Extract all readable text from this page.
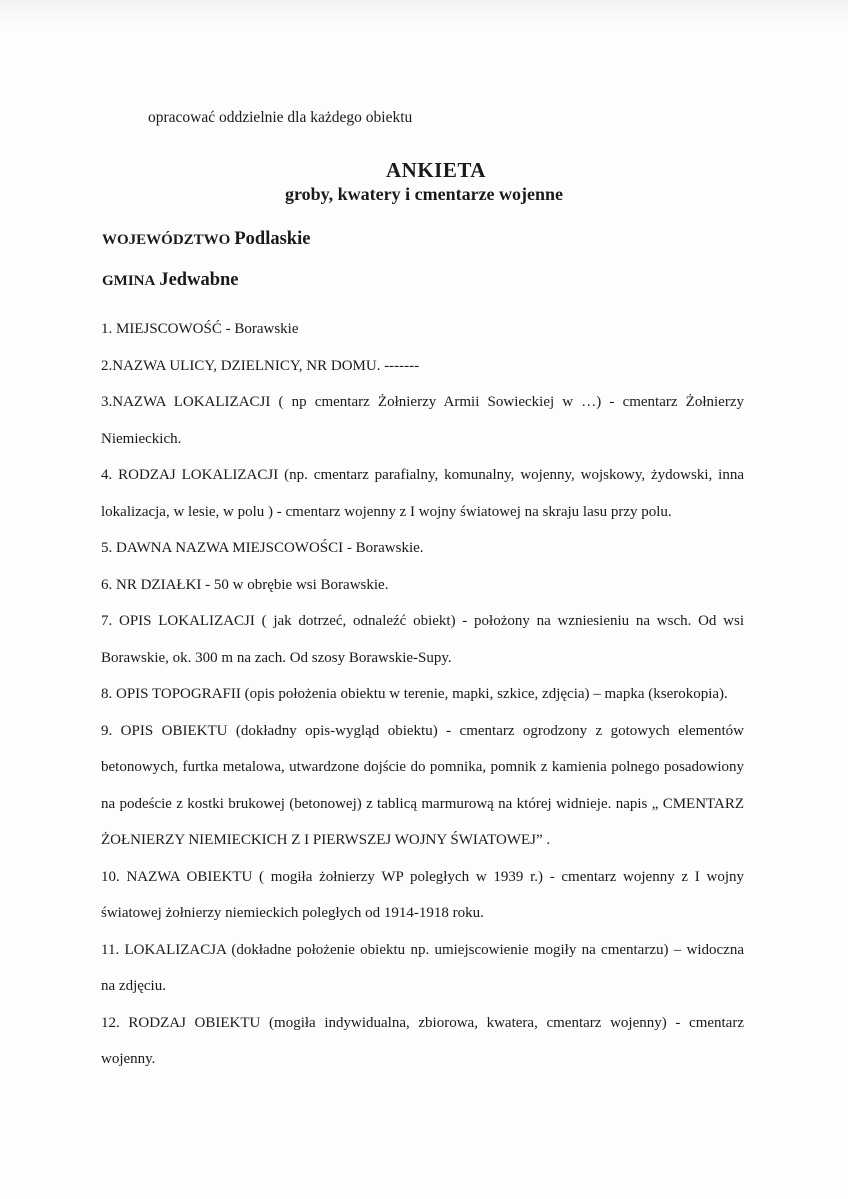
opracować oddzielnie dla każdego obiektu
ANKIETA
groby, kwatery i cmentarze wojenne
WOJEWÓDZTWO Podlaskie
GMINA Jedwabne

1. MIEJSCOWOŚĆ - Borawskie

2.NAZWA ULICY, DZIELNICY, NR DOMU. -------

3.NAZWA LOKALIZACJI ( np cmentarz Żołnierzy Armii Sowieckiej w …) - cmentarz Żołnierzy Niemieckich.

4. RODZAJ LOKALIZACJI (np. cmentarz parafialny, komunalny, wojenny, wojskowy, żydowski, inna lokalizacja, w lesie, w polu ) - cmentarz wojenny z I wojny światowej na skraju lasu przy polu.

5. DAWNA NAZWA MIEJSCOWOŚCI - Borawskie.

6. NR DZIAŁKI - 50 w obrębie wsi Borawskie.

7. OPIS LOKALIZACJI ( jak dotrzeć, odnaleźć obiekt) - położony na wzniesieniu na wsch. Od wsi Borawskie, ok. 300 m na zach. Od szosy Borawskie-Supy.

8. OPIS TOPOGRAFII (opis położenia obiektu w terenie, mapki, szkice, zdjęcia) – mapka (kserokopia).

9. OPIS OBIEKTU (dokładny opis-wygląd obiektu) - cmentarz ogrodzony z gotowych elementów betonowych, furtka metalowa, utwardzone dojście do pomnika, pomnik z kamienia polnego posadowiony na podeście z kostki brukowej (betonowej) z tablicą marmurową na której widnieje. napis „ CMENTARZ ŻOŁNIERZY NIEMIECKICH Z I PIERWSZEJ WOJNY ŚWIATOWEJ” .

10. NAZWA OBIEKTU ( mogiła żołnierzy WP poległych w 1939 r.) - cmentarz wojenny z I wojny światowej żołnierzy niemieckich poległych od 1914-1918 roku.

11. LOKALIZACJA (dokładne położenie obiektu np. umiejscowienie mogiły na cmentarzu) – widoczna na zdjęciu.

12. RODZAJ OBIEKTU (mogiła indywidualna, zbiorowa, kwatera, cmentarz wojenny) - cmentarz wojenny.
